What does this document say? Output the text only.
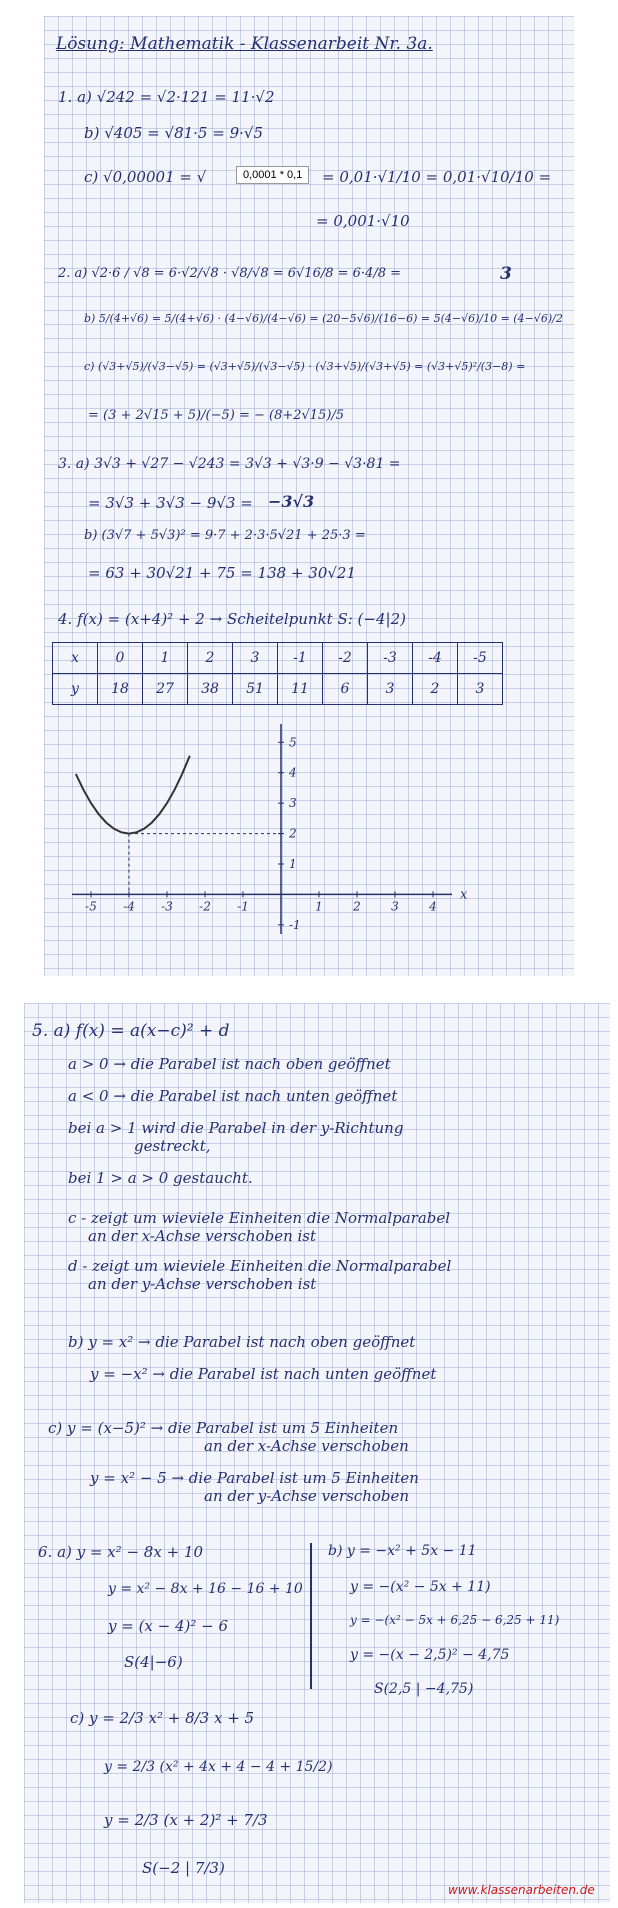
Lösung: Mathematik - Klassenarbeit Nr. 3a.
1. a) √242 = √2·121 = 11·√2
b) √405 = √81·5 = 9·√5
c) √0,00001 = √	0,0001 * 0,1	= 0,01·√1/10 = 0,01·√10/10 =
= 0,001·√10
2. a) √2·6 / √8 = 6·√2/√8 · √8/√8 = 6√16/8 = 6·4/8 =	3
b) 5/(4+√6) = 5/(4+√6) · (4−√6)/(4−√6) = (20−5√6)/(16−6) = 5(4−√6)/10 = (4−√6)/2
c) (√3+√5)/(√3−√5) = (√3+√5)/(√3−√5) · (√3+√5)/(√3+√5) = (√3+√5)²/(3−8) =
= (3 + 2√15 + 5)/(−5) = − (8+2√15)/5
3. a) 3√3 + √27 − √243 = 3√3 + √3·9 − √3·81 =
= 3√3 + 3√3 − 9√3 = −3√3
b) (3√7 + 5√3)² = 9·7 + 2·3·5√21 + 25·3 =
= 63 + 30√21 + 75 = 138 + 30√21
4. f(x) = (x+4)² + 2 → Scheitelpunkt S: (−4|2)
x	0	1	2	3	-1	-2	-3	-4	-5
y	18	27	38	51	11	6	3	2	3
-5 -4 -3 -2 -1	1	2	3	4
-1
1
2
3
4
5
x
5. a) f(x) = a(x−c)² + d
a > 0 → die Parabel ist nach oben geöffnet
a < 0 → die Parabel ist nach unten geöffnet
bei a > 1 wird die Parabel in der y-Richtung
gestreckt,
bei 1 > a > 0 gestaucht.
c - zeigt um wieviele Einheiten die Normalparabel
an der x-Achse verschoben ist
d - zeigt um wieviele Einheiten die Normalparabel
an der y-Achse verschoben ist
b) y = x² → die Parabel ist nach oben geöffnet
y = −x² → die Parabel ist nach unten geöffnet
c) y = (x−5)² → die Parabel ist um 5 Einheiten
an der x-Achse verschoben
y = x² − 5 → die Parabel ist um 5 Einheiten
an der y-Achse verschoben
6. a) y = x² − 8x + 10
y = x² − 8x + 16 − 16 + 10
y = (x − 4)² − 6
S(4|−6)
b) y = −x² + 5x − 11
y = −(x² − 5x + 11)
y = −(x² − 5x + 6,25 − 6,25 + 11)
y = −(x − 2,5)² − 4,75
S(2,5 | −4,75)
c) y = 2/3 x² + 8/3 x + 5
y = 2/3 (x² + 4x + 4 − 4 + 15/2)
y = 2/3 (x + 2)² + 7/3
S(−2 | 7/3)
www.klassenarbeiten.de
